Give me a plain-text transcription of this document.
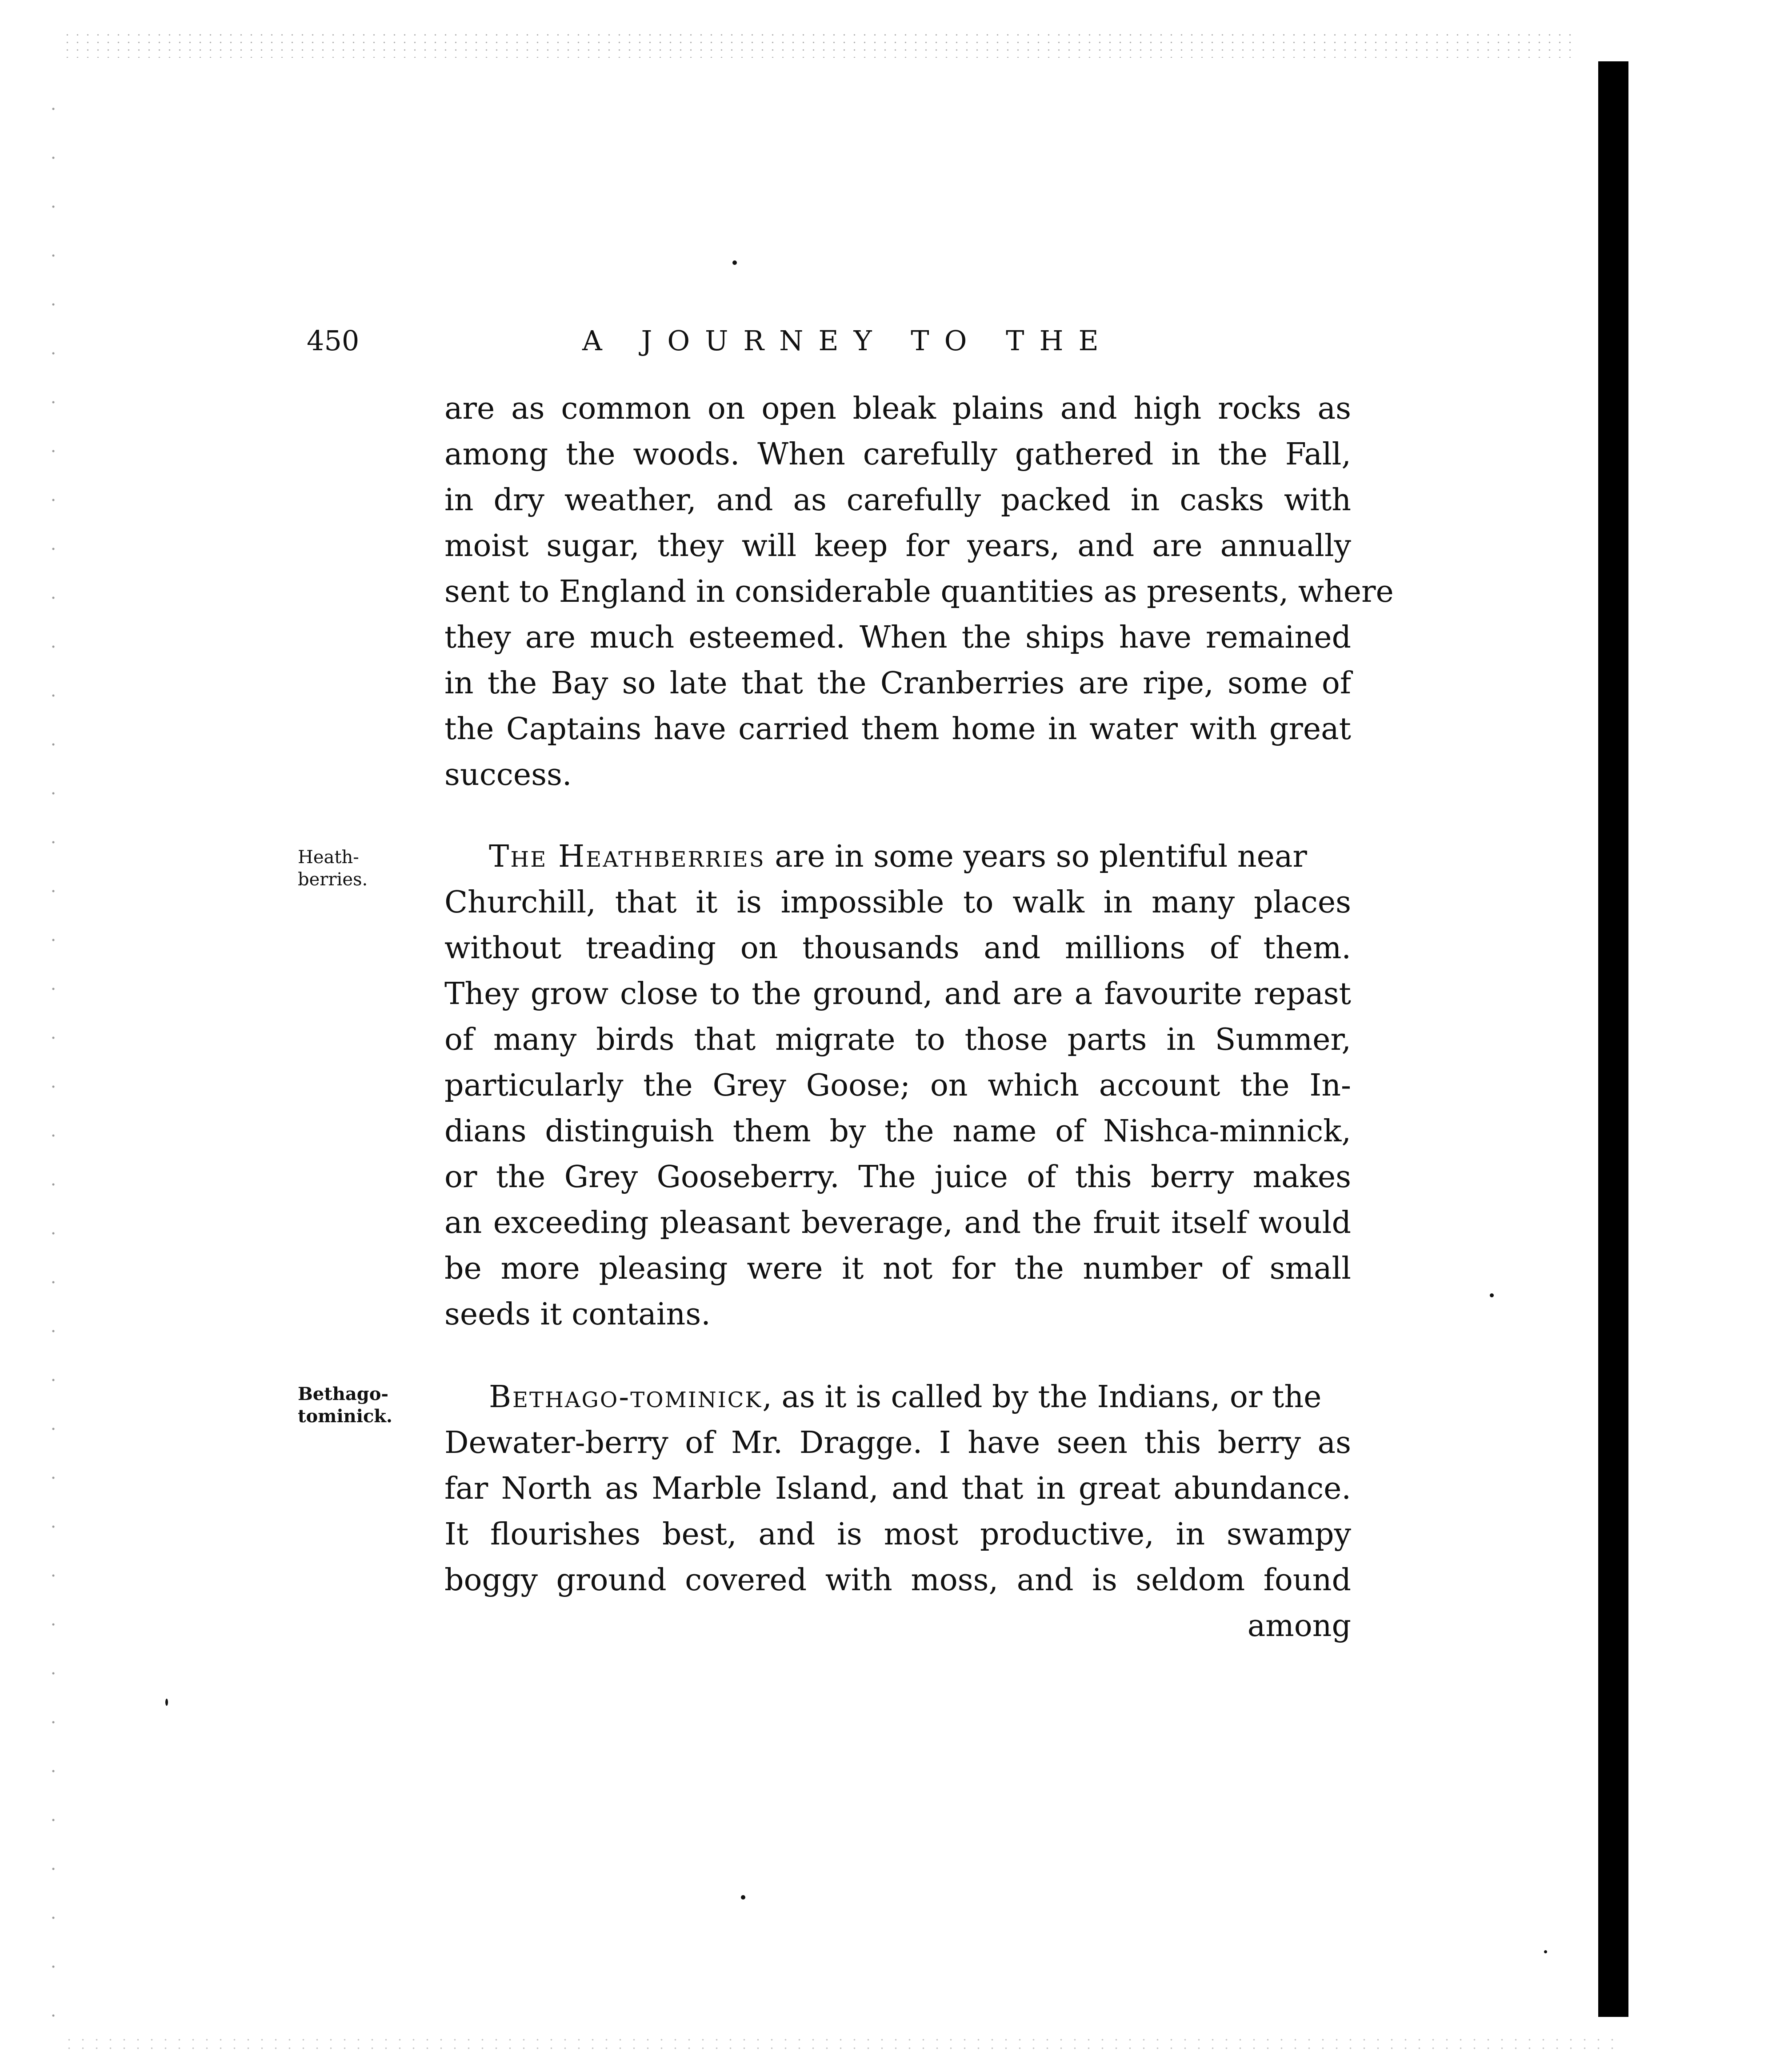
450	A JOURNEY TO THE
are as common on open bleak plains and high rocks as
among the woods. When carefully gathered in the Fall,
in dry weather, and as carefully packed in casks with
moist sugar, they will keep for years, and are annually
sent to England in considerable quantities as presents, where
they are much esteemed. When the ships have remained
in the Bay so late that the Cranberries are ripe, some of
the Captains have carried them home in water with great
success.
Heath-
berries.
The Heathberries are in some years so plentiful near
Churchill, that it is impossible to walk in many places
without treading on thousands and millions of them.
They grow close to the ground, and are a favourite repast
of many birds that migrate to those parts in Summer,
particularly the Grey Goose; on which account the In-
dians distinguish them by the name of Nishca-minnick,
or the Grey Gooseberry. The juice of this berry makes
an exceeding pleasant beverage, and the fruit itself would
be more pleasing were it not for the number of small
seeds it contains.
Bethago-
tominick.
Bethago-tominick, as it is called by the Indians, or the
Dewater-berry of Mr. Dragge. I have seen this berry as
far North as Marble Island, and that in great abundance.
It flourishes best, and is most productive, in swampy
boggy ground covered with moss, and is seldom found
among
